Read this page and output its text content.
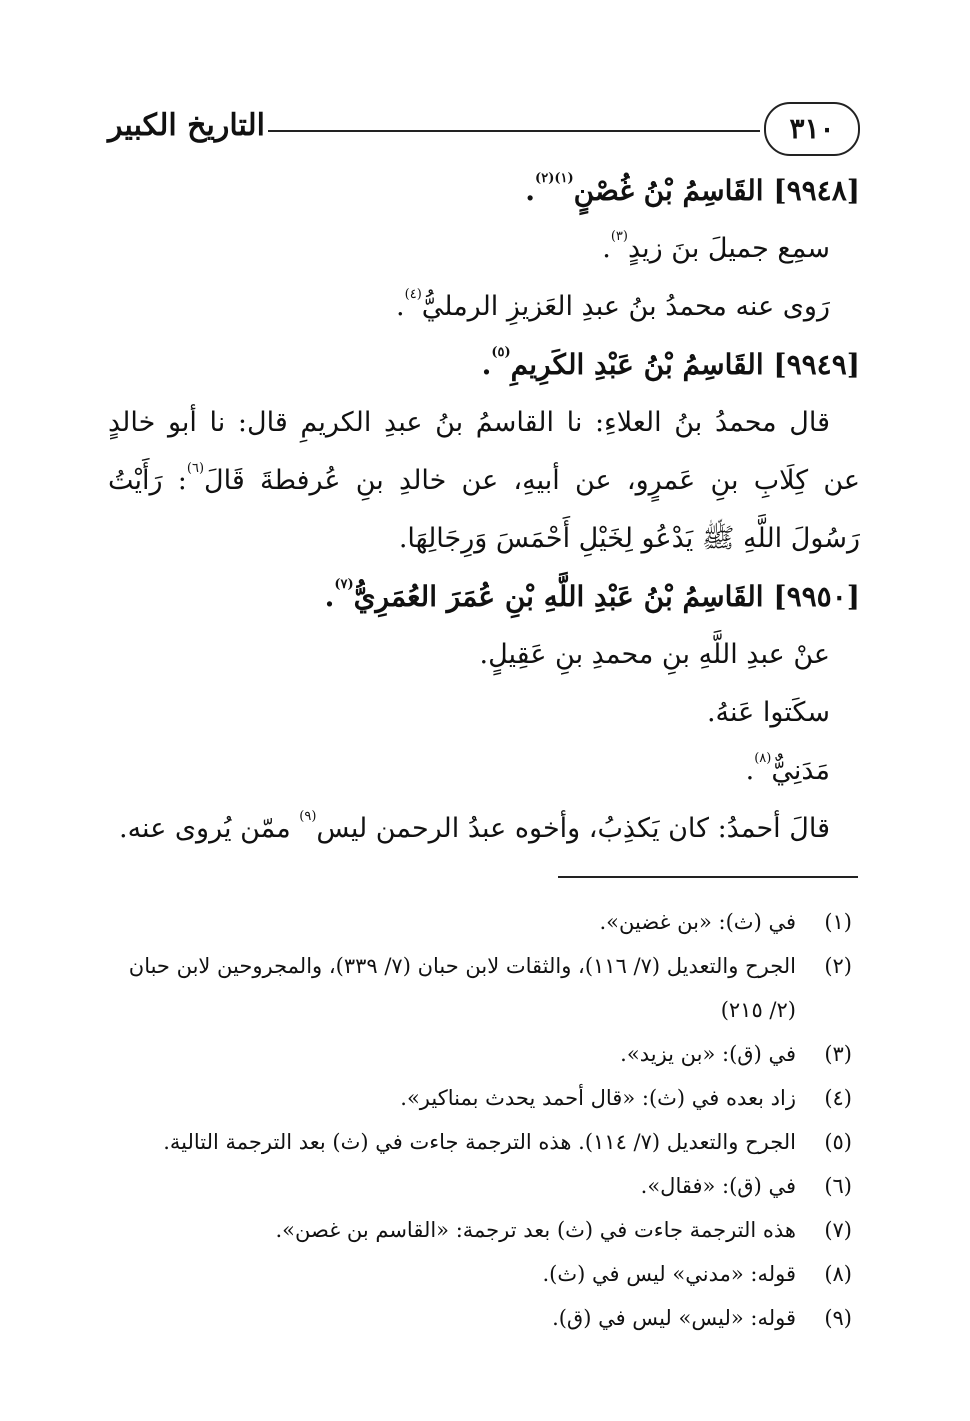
٣١٠
التاريخ الكبير
[٩٩٤٨] القَاسِمُ بْنُ غُصْنٍ$^{(١)(٢)}$.
سمِع جميلَ بنَ زيدٍ$^{(٣)}$.
رَوى عنه محمدُ بنُ عبدِ العَزيزِ الرمليُّ$^{(٤)}$.
[٩٩٤٩] القَاسِمُ بْنُ عَبْدِ الكَرِيمِ$^{(٥)}$.
قال محمدُ بنُ العلاءِ: نا القاسمُ بنُ عبدِ الكريمِ قال: نا أبو خالدٍ
عن كِلَابِ بنِ عَمرٍو، عن أبيهِ، عن خالدِ بنِ عُرفطةَ قَالَ$^{(٦)}$: رَأَيْتُ
رَسُولَ اللَّهِ ﷺ يَدْعُو لِخَيْلِ أَحْمَسَ وَرِجَالِهَا.
[٩٩٥٠] القَاسِمُ بْنُ عَبْدِ اللَّهِ بْنِ عُمَرَ العُمَرِيُّ$^{(٧)}$.
عنْ عبدِ اللَّهِ بنِ محمدِ بنِ عَقِيلٍ.
سكَتوا عَنهُ.
مَدَنِيٌّ$^{(٨)}$.
قالَ أحمدُ: كان يَكذِبُ، وأخوه عبدُ الرحمن ليس$^{(٩)}$ ممّن يُروى عنه.
(١)
في (ث): «بن غضين».
(٢)
الجرح والتعديل (٧/ ١١٦)، والثقات لابن حبان (٧/ ٣٣٩)، والمجروحين لابن حبان (٢/ ٢١٥)
(٣)
في (ق): «بن يزيد».
(٤)
زاد بعده في (ث): «قال أحمد يحدث بمناكير».
(٥)
الجرح والتعديل (٧/ ١١٤). هذه الترجمة جاءت في (ث) بعد الترجمة التالية.
(٦)
في (ق): «فقال».
(٧)
هذه الترجمة جاءت في (ث) بعد ترجمة: «القاسم بن غصن».
(٨)
قوله: «مدني» ليس في (ث).
(٩)
قوله: «ليس» ليس في (ق).
